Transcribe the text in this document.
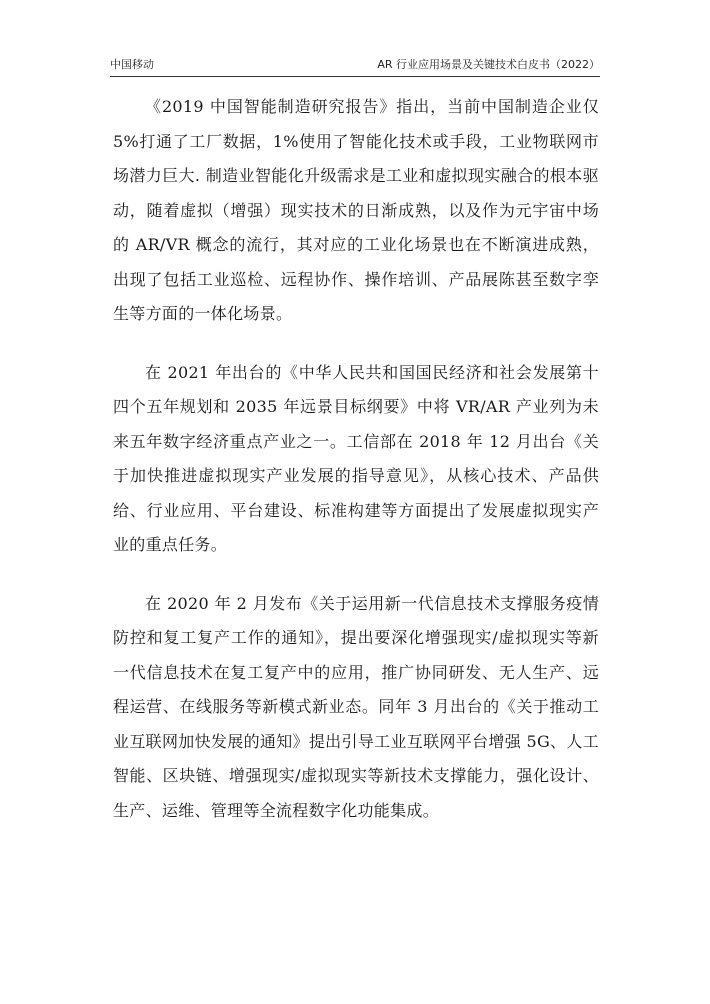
中国移动	AR 行业应用场景及关键技术白皮书（2022）

《2019 中国智能制造研究报告》指出，当前中国制造企业仅 5%打通了工厂数据，1%使用了智能化技术或手段，工业物联网市场潜力巨大. 制造业智能化升级需求是工业和虚拟现实融合的根本驱动，随着虚拟（增强）现实技术的日渐成熟，以及作为元宇宙中场的 AR/VR 概念的流行，其对应的工业化场景也在不断演进成熟，出现了包括工业巡检、远程协作、操作培训、产品展陈甚至数字孪生等方面的一体化场景。

在 2021 年出台的《中华人民共和国国民经济和社会发展第十四个五年规划和 2035 年远景目标纲要》中将 VR/AR 产业列为未来五年数字经济重点产业之一。工信部在 2018 年 12 月出台《关于加快推进虚拟现实产业发展的指导意见》，从核心技术、产品供给、行业应用、平台建设、标准构建等方面提出了发展虚拟现实产业的重点任务。

在 2020 年 2 月发布《关于运用新一代信息技术支撑服务疫情防控和复工复产工作的通知》，提出要深化增强现实/虚拟现实等新一代信息技术在复工复产中的应用，推广协同研发、无人生产、远程运营、在线服务等新模式新业态。同年 3 月出台的《关于推动工业互联网加快发展的通知》提出引导工业互联网平台增强 5G、人工智能、区块链、增强现实/虚拟现实等新技术支撑能力，强化设计、生产、运维、管理等全流程数字化功能集成。
